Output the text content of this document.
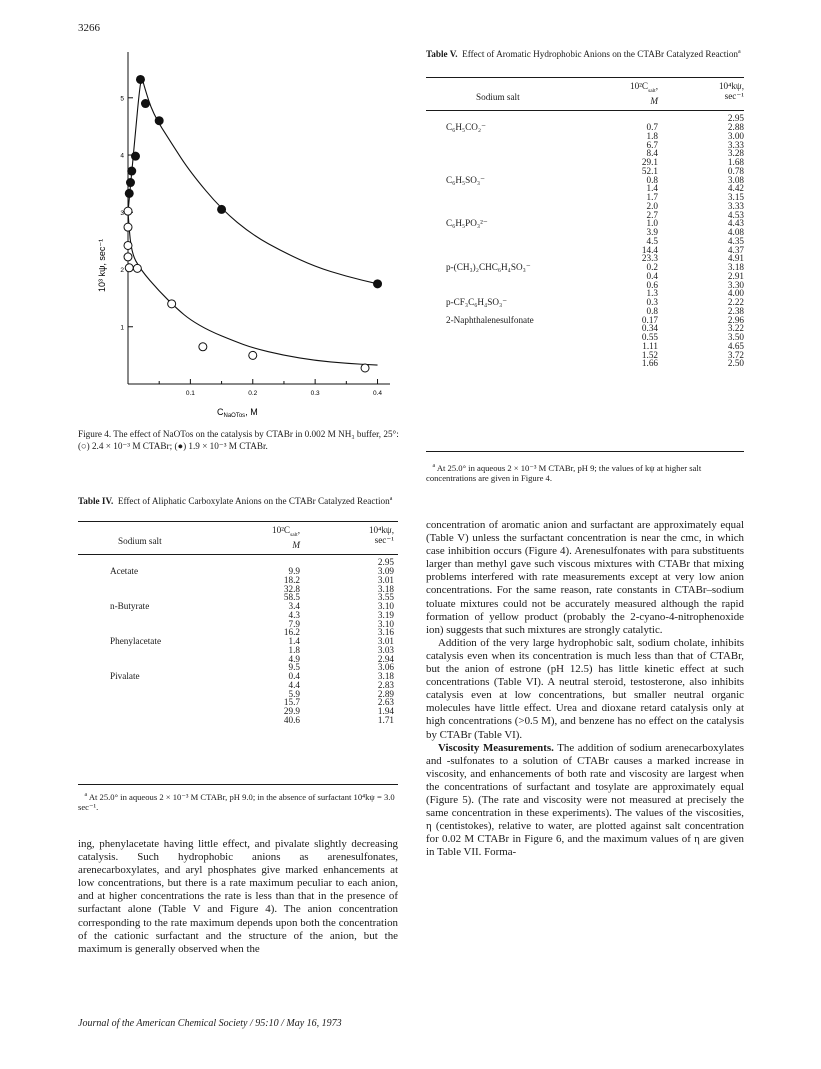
3266
0.1	0.2	0.3	0.4
1
2
3
4
5
10³ kψ, sec⁻¹
$C_{NaOTos}$, M
Figure 4. The effect of NaOTos on the catalysis by CTABr in 0.002 M NH₃ buffer, 25°: (○) 2.4 × 10⁻³ M CTABr; (●) 1.9 × 10⁻³ M CTABr.
Table V. Effect of Aromatic Hydrophobic Anions on the CTABr Catalyzed Reaction$^a$

Sodium salt	$10^2C_{salt}$,
M	10⁴kψ,
sec⁻¹

		2.95
C₆H₅CO₂⁻	0.7	2.88
	1.8	3.00
	6.7	3.33
	8.4	3.28
	29.1	1.68
	52.1	0.78
C₆H₅SO₃⁻	0.8	3.08
	1.4	4.42
	1.7	3.15
	2.0	3.33
	2.7	4.53
C₆H₅PO₃²⁻	1.0	4.43
	3.9	4.08
	4.5	4.35
	14.4	4.37
	23.3	4.91
p-(CH₃)₂CHC₆H₄SO₃⁻	0.2	3.18
	0.4	2.91
	0.6	3.30
	1.3	4.00
p-CF₃C₆H₄SO₃⁻	0.3	2.22
	0.8	2.38
2-Naphthalenesulfonate	0.17	2.96
	0.34	3.22
	0.55	3.50
	1.11	4.65
	1.52	3.72
	1.66	2.50
$^a$ At 25.0° in aqueous 2 × 10⁻³ M CTABr, pH 9; the values of kψ at higher salt concentrations are given in Figure 4.
Table IV. Effect of Aliphatic Carboxylate Anions on the CTABr Catalyzed Reaction$^a$

Sodium salt	$10^2C_{salt}$,
M	10⁴kψ,
sec⁻¹

		2.95
Acetate	9.9	3.09
	18.2	3.01
	32.8	3.18
	58.5	3.55
n-Butyrate	3.4	3.10
	4.3	3.19
	7.9	3.10
	16.2	3.16
Phenylacetate	1.4	3.01
	1.8	3.03
	4.9	2.94
	9.5	3.06
Pivalate	0.4	3.18
	4.4	2.83
	5.9	2.89
	15.7	2.63
	29.9	1.94
	40.6	1.71
$^a$ At 25.0° in aqueous 2 × 10⁻³ M CTABr, pH 9.0; in the absence of surfactant 10⁴kψ = 3.0 sec⁻¹.

ing, phenylacetate having little effect, and pivalate slightly decreasing catalysis. Such hydrophobic anions as arenesulfonates, arenecarboxylates, and aryl phosphates give marked enhancements at low concentrations, but there is a rate maximum peculiar to each anion, and at higher concentrations the rate is less than that in the presence of surfactant alone (Table V and Figure 4). The anion concentration corresponding to the rate maximum depends upon both the concentration of the cationic surfactant and the structure of the anion, but the maximum is generally observed when the

concentration of aromatic anion and surfactant are approximately equal (Table V) unless the surfactant concentration is near the cmc, in which case inhibition occurs (Figure 4). Arenesulfonates with para substituents larger than methyl gave such viscous mixtures with CTABr that mixing problems interfered with rate measurements except at very low anion concentrations. For the same reason, rate constants in CTABr–sodium toluate mixtures could not be accurately measured although the rapid formation of yellow product (probably the 2-cyano-4-nitrophenoxide ion) suggests that such mixtures are strongly catalytic.

Addition of the very large hydrophobic salt, sodium cholate, inhibits catalysis even when its concentration is much less than that of CTABr, but the anion of estrone (pH 12.5) has little kinetic effect at such concentrations (Table VI). A neutral steroid, testosterone, also inhibits catalysis even at low concentrations, but smaller neutral organic molecules have little effect. Urea and dioxane retard catalysis only at high concentrations (>0.5 M), and benzene has no effect on the catalysis by CTABr (Table VI).

Viscosity Measurements. The addition of sodium arenecarboxylates and -sulfonates to a solution of CTABr causes a marked increase in viscosity, and enhancements of both rate and viscosity are largest when the concentrations of surfactant and tosylate are approximately equal (Figure 5). (The rate and viscosity were not measured at precisely the same concentration in these experiments). The values of the viscosities, η (centistokes), relative to water, are plotted against salt concentration for 0.02 M CTABr in Figure 6, and the maximum values of η are given in Table VII. Forma-

Journal of the American Chemical Society / 95:10 / May 16, 1973
